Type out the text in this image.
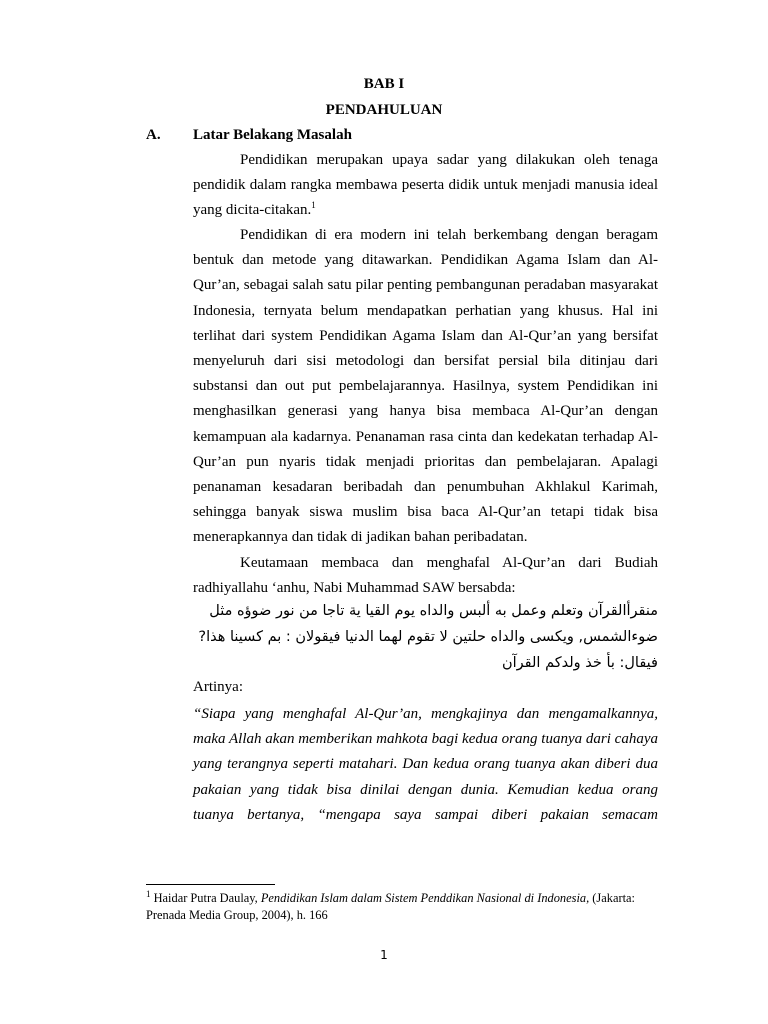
BAB I
PENDAHULUAN
A. Latar Belakang Masalah

Pendidikan merupakan upaya sadar yang dilakukan oleh tenaga pendidik dalam rangka membawa peserta didik untuk menjadi manusia ideal yang dicita-citakan.$^1$

Pendidikan di era modern ini telah berkembang dengan beragam bentuk dan metode yang ditawarkan. Pendidikan Agama Islam dan Al-Qur’an, sebagai salah satu pilar penting pembangunan peradaban masyarakat Indonesia, ternyata belum mendapatkan perhatian yang khusus. Hal ini terlihat dari system Pendidikan Agama Islam dan Al-Qur’an yang bersifat menyeluruh dari sisi metodologi dan bersifat persial bila ditinjau dari substansi dan out put pembelajarannya. Hasilnya, system Pendidikan ini menghasilkan generasi yang hanya bisa membaca Al-Qur’an dengan kemampuan ala kadarnya. Penanaman rasa cinta dan kedekatan terhadap Al-Qur’an pun nyaris tidak menjadi prioritas dan pembelajaran. Apalagi penanaman kesadaran beribadah dan penumbuhan Akhlakul Karimah, sehingga banyak siswa muslim bisa baca Al-Qur’an tetapi tidak bisa menerapkannya dan tidak di jadikan bahan peribadatan.

Keutamaan membaca dan menghafal Al-Qur’an dari Budiah radhiyallahu ‘anhu, Nabi Muhammad SAW bersabda:

منقرأالقرآن وتعلم وعمل به ألبس والداه يوم القيا ية تاجا من نور ضوؤه مثل ضوءالشمس, ويكسى والداه حلتين لا تقوم لهما الدنيا فيقولان : بم كسينا هذا? فيقال: بأ خذ ولدكم القرآن
Artinya:
“Siapa yang menghafal Al-Qur’an, mengkajinya dan mengamalkannya, maka Allah akan memberikan mahkota bagi kedua orang tuanya dari cahaya yang terangnya seperti matahari. Dan kedua orang tuanya akan diberi dua pakaian yang tidak bisa dinilai dengan dunia. Kemudian kedua orang tuanya bertanya, “mengapa saya sampai diberi pakaian semacam
$^1$ Haidar Putra Daulay, Pendidikan Islam dalam Sistem Penddikan Nasional di Indonesia, (Jakarta: Prenada Media Group, 2004), h. 166
1
